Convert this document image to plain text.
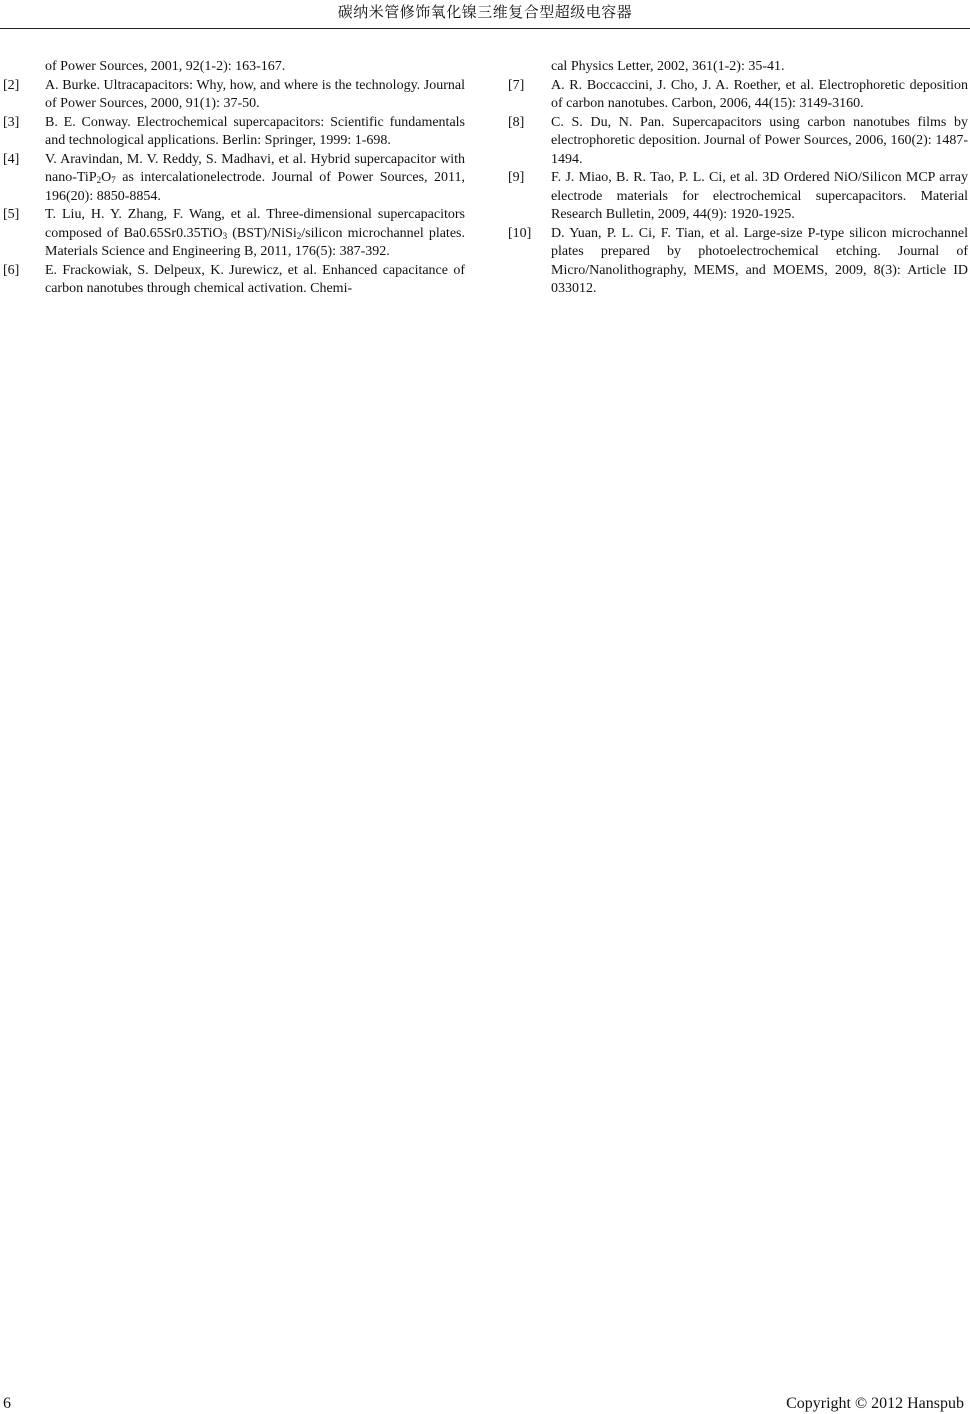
碳纳米管修饰氧化镍三维复合型超级电容器
of Power Sources, 2001, 92(1-2): 163-167.
[2] A. Burke. Ultracapacitors: Why, how, and where is the technology. Journal of Power Sources, 2000, 91(1): 37-50.
[3] B. E. Conway. Electrochemical supercapacitors: Scientific fundamentals and technological applications. Berlin: Springer, 1999: 1-698.
[4] V. Aravindan, M. V. Reddy, S. Madhavi, et al. Hybrid supercapacitor with nano-$TiP_2O_7$ as intercalationelectrode. Journal of Power Sources, 2011, 196(20): 8850-8854.
[5] T. Liu, H. Y. Zhang, F. Wang, et al. Three-dimensional supercapacitors composed of Ba0.65Sr0.35TiO$_3$ (BST)/NiSi$_2$/silicon microchannel plates. Materials Science and Engineering B, 2011, 176(5): 387-392.
[6] E. Frackowiak, S. Delpeux, K. Jurewicz, et al. Enhanced capacitance of carbon nanotubes through chemical activation. Chemi-
cal Physics Letter, 2002, 361(1-2): 35-41.
[7] A. R. Boccaccini, J. Cho, J. A. Roether, et al. Electrophoretic deposition of carbon nanotubes. Carbon, 2006, 44(15): 3149-3160.
[8] C. S. Du, N. Pan. Supercapacitors using carbon nanotubes films by electrophoretic deposition. Journal of Power Sources, 2006, 160(2): 1487-1494.
[9] F. J. Miao, B. R. Tao, P. L. Ci, et al. 3D Ordered NiO/Silicon MCP array electrode materials for electrochemical supercapacitors. Material Research Bulletin, 2009, 44(9): 1920-1925.
[10] D. Yuan, P. L. Ci, F. Tian, et al. Large-size P-type silicon microchannel plates prepared by photoelectrochemical etching. Journal of Micro/Nanolithography, MEMS, and MOEMS, 2009, 8(3): Article ID 033012.
6	Copyright © 2012 Hanspub
